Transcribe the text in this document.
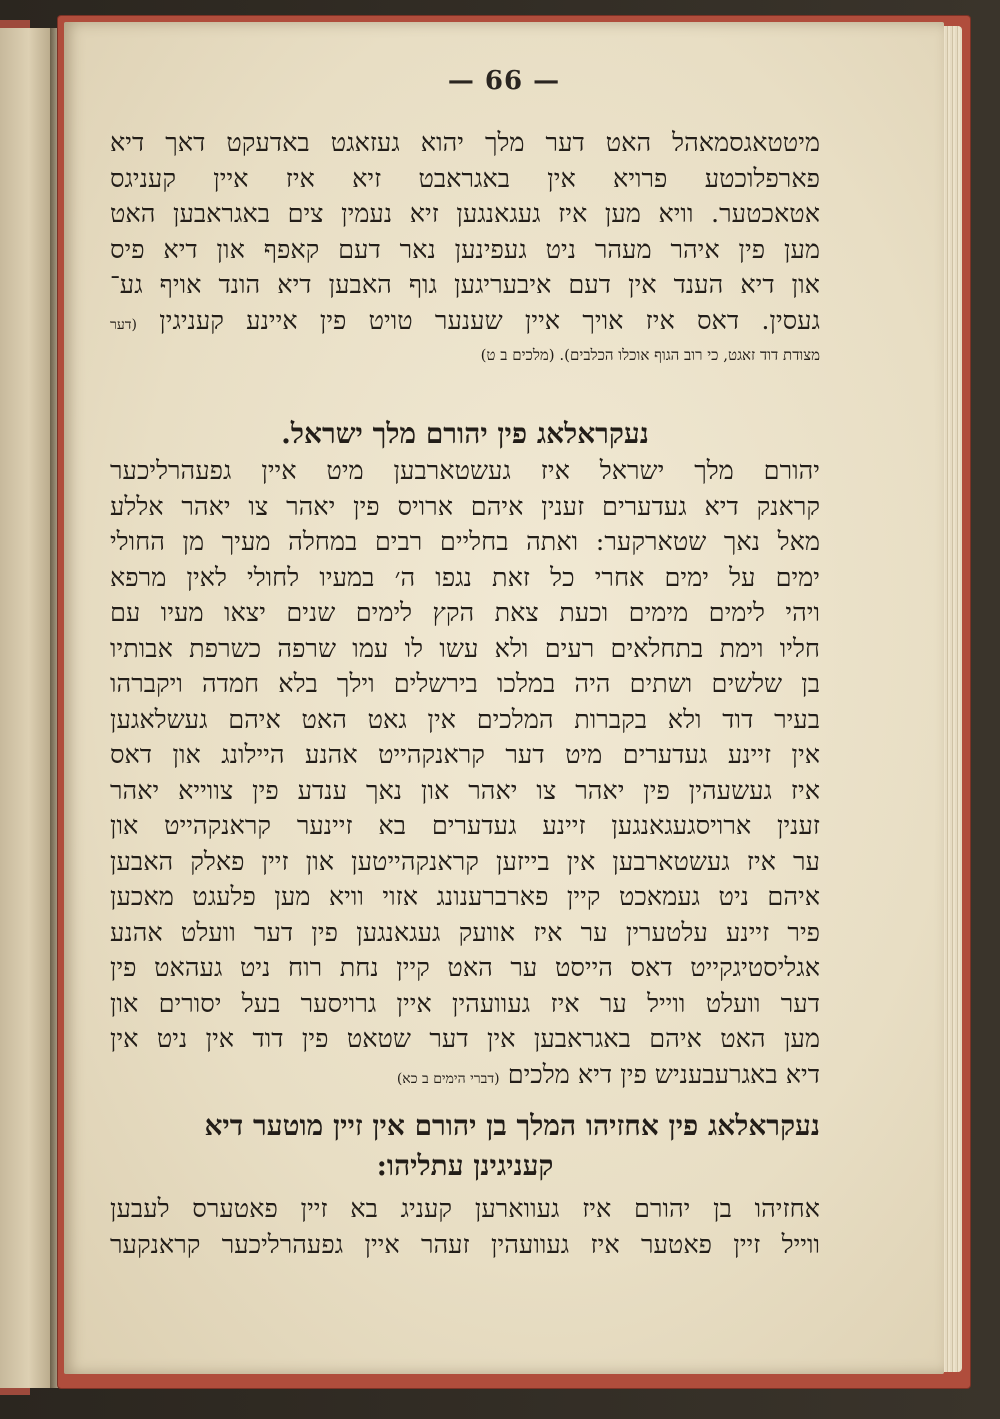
— 66 —
מיטטאגסמאהל האט דער מלך יהוא געזאגט באדעקט דאך דיא
פארפלוכטע פרויא אין באגראבט זיא איז איין קעניגס
אטאכטער. וויא מען איז געגאנגען זיא נעמין צים באגראבען האט
מען פין איהר מעהר ניט געפינען נאר דעם קאפף און דיא פיס
און דיא הענד אין דעם איבעריגען גוף האבען דיא הונד אויף גע־
געסין. דאס איז אויך איין שענער טויט פין איינע קעניגין (דער
מצודת דוד זאגט, כי רוב הגוף אוכלו הכלבים). (מלכים ב ט)
נעקראלאג פין יהורם מלך ישראל.
יהורם מלך ישראל איז געשטארבען מיט איין גפעהרליכער
קראנק דיא געדערים זענין איהם ארויס פין יאהר צו יאהר אללע
מאל נאך שטארקער: ואתה בחליים רבים במחלה מעיך מן החולי
ימים על ימים אחרי כל זאת נגפו ה׳ במעיו לחולי לאין מרפא
ויהי לימים מימים וכעת צאת הקץ לימים שנים יצאו מעיו עם
חליו וימת בתחלאים רעים ולא עשו לו עמו שרפה כשרפת אבותיו
בן שלשים ושתים היה במלכו בירשלים וילך בלא חמדה ויקברהו
בעיר דוד ולא בקברות המלכים אין גאט האט איהם געשלאגען
אין זיינע געדערים מיט דער קראנקהייט אהנע היילונג און דאס
איז געשעהין פין יאהר צו יאהר און נאך ענדע פין צווייא יאהר
זענין ארויסגעגאנגען זיינע געדערים בא זיינער קראנקהייט און
ער איז געשטארבען אין בייזען קראנקהייטען און זיין פאלק האבען
איהם ניט געמאכט קיין פארברענונג אזוי וויא מען פלעגט מאכען
פיר זיינע עלטערין ער איז אוועק געגאנגען פין דער וועלט אהנע
אגליסטיגקייט דאס הייסט ער האט קיין נחת רוח ניט געהאט פין
דער וועלט ווייל ער איז געוועהין איין גרויסער בעל יסורים און
מען האט איהם באגראבען אין דער שטאט פין דוד אין ניט אין
דיא באגרעבעניש פין דיא מלכים (דברי הימים ב כא)
נעקראלאג פין אחזיהו המלך בן יהורם אין זיין מוטער דיא
קעניגינן עתליהו:
אחזיהו בן יהורם איז געווארען קעניג בא זיין פאטערס לעבען
ווייל זיין פאטער איז געוועהין זעהר איין גפעהרליכער קראנקער
